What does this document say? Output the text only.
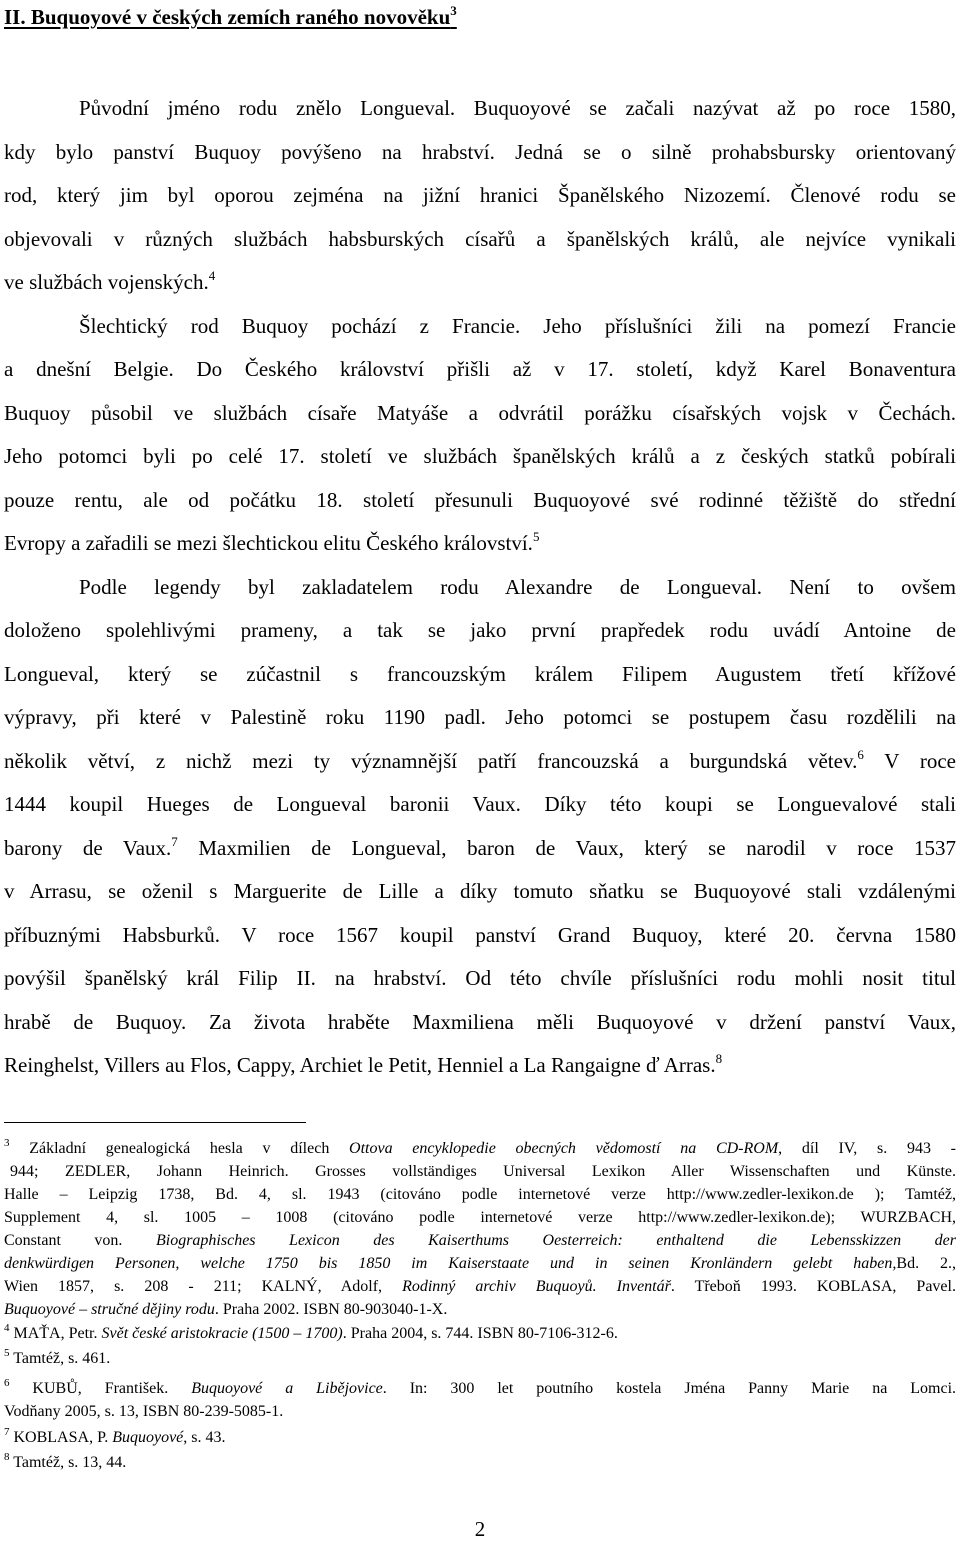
II. Buquoyové v českých zemích raného novověku$^3$
Původní jméno rodu znělo Longueval. Buquoyové se začali nazývat až po roce 1580,
kdy bylo panství Buquoy povýšeno na hrabství. Jedná se o silně prohabsbursky orientovaný
rod, který jim byl oporou zejména na jižní hranici Španělského Nizozemí. Členové rodu se
objevovali v různých službách habsburských císařů a španělských králů, ale nejvíce vynikali
ve službách vojenských.$^4$
Šlechtický rod Buquoy pochází z Francie. Jeho příslušníci žili na pomezí Francie
a dnešní Belgie. Do Českého království přišli až v 17. století, když Karel Bonaventura
Buquoy působil ve službách císaře Matyáše a odvrátil porážku císařských vojsk v Čechách.
Jeho potomci byli po celé 17. století ve službách španělských králů a z českých statků pobírali
pouze rentu, ale od počátku 18. století přesunuli Buquoyové své rodinné těžiště do střední
Evropy a zařadili se mezi šlechtickou elitu Českého království.$^5$
Podle legendy byl zakladatelem rodu Alexandre de Longueval. Není to ovšem
doloženo spolehlivými prameny, a tak se jako první prapředek rodu uvádí Antoine de
Longueval, který se zúčastnil s francouzským králem Filipem Augustem třetí křížové
výpravy, při které v Palestině roku 1190 padl. Jeho potomci se postupem času rozdělili na
několik větví, z nichž mezi ty významnější patří francouzská a burgundská větev.$^6$ V roce
1444 koupil Hueges de Longueval baronii Vaux. Díky této koupi se Longuevalové stali
barony de Vaux.$^7$ Maxmilien de Longueval, baron de Vaux, který se narodil v roce 1537
v Arrasu, se oženil s Marguerite de Lille a díky tomuto sňatku se Buquoyové stali vzdálenými
příbuznými Habsburků. V roce 1567 koupil panství Grand Buquoy, které 20. června 1580
povýšil španělský král Filip II. na hrabství. Od této chvíle příslušníci rodu mohli nosit titul
hrabě de Buquoy. Za života hraběte Maxmiliena měli Buquoyové v držení panství Vaux,
Reinghelst, Villers au Flos, Cappy, Archiet le Petit, Henniel a La Rangaigne ď Arras.$^8$
$^3$ Základní genealogická hesla v dílech Ottova encyklopedie obecných vědomostí na CD-ROM, díl IV, s. 943 -
944; ZEDLER, Johann Heinrich. Grosses vollständiges Universal Lexikon Aller Wissenschaften und Künste.
Halle – Leipzig 1738, Bd. 4, sl. 1943 (citováno podle internetové verze http://www.zedler-lexikon.de ); Tamtéž,
Supplement 4, sl. 1005 – 1008 (citováno podle internetové verze http://www.zedler-lexikon.de); WURZBACH,
Constant von. Biographisches Lexicon des Kaiserthums Oesterreich: enthaltend die Lebensskizzen der
denkwürdigen Personen, welche 1750 bis 1850 im Kaiserstaate und in seinen Kronländern gelebt haben,Bd. 2.,
Wien 1857, s. 208 - 211; KALNÝ, Adolf, Rodinný archiv Buquoyů. Inventář. Třeboň 1993. KOBLASA, Pavel.
Buquoyové – stručné dějiny rodu. Praha 2002. ISBN 80-903040-1-X.
$^4$ MAŤA, Petr. Svět české aristokracie (1500 – 1700). Praha 2004, s. 744. ISBN 80-7106-312-6.
$^5$ Tamtéž, s. 461.
$^6$ KUBŮ, František. Buquoyové a Libějovice. In: 300 let poutního kostela Jména Panny Marie na Lomci.
Vodňany 2005, s. 13, ISBN 80-239-5085-1.
$^7$ KOBLASA, P. Buquoyové, s. 43.
$^8$ Tamtéž, s. 13, 44.
2
